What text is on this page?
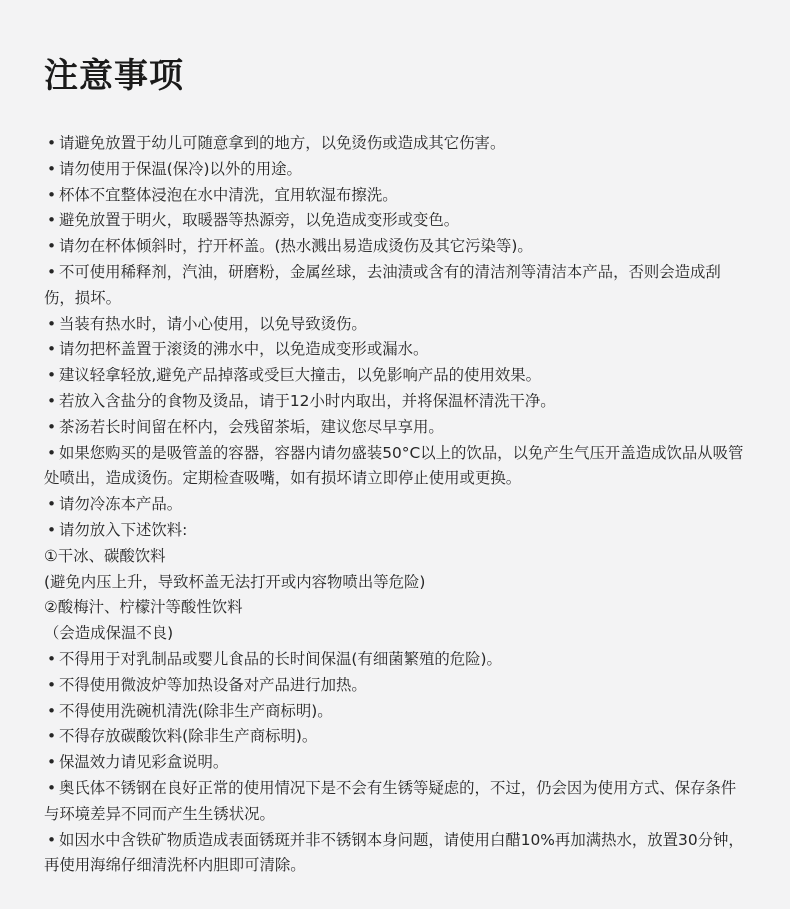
注意事项
• 请避免放置于幼儿可随意拿到的地方，以免烫伤或造成其它伤害。
• 请勿使用于保温(保冷)以外的用途。
• 杯体不宜整体浸泡在水中清洗，宜用软湿布擦洗。
• 避免放置于明火，取暖器等热源旁，以免造成变形或变色。
• 请勿在杯体倾斜时，拧开杯盖。(热水溅出易造成烫伤及其它污染等)。
• 不可使用稀释剂，汽油，研磨粉，金属丝球，去油渍或含有的清洁剂等清洁本产品，否则会造成刮伤，损坏。
• 当装有热水时，请小心使用，以免导致烫伤。
• 请勿把杯盖置于滚烫的沸水中，以免造成变形或漏水。
• 建议轻拿轻放,避免产品掉落或受巨大撞击，以免影响产品的使用效果。
• 若放入含盐分的食物及烫品，请于12小时内取出，并将保温杯清洗干净。
• 茶汤若长时间留在杯内，会残留茶垢，建议您尽早享用。
• 如果您购买的是吸管盖的容器，容器内请勿盛装50°C以上的饮品，以免产生气压开盖造成饮品从吸管处喷出，造成烫伤。定期检查吸嘴，如有损坏请立即停止使用或更换。
• 请勿冷冻本产品。
• 请勿放入下述饮料:
①干冰、碳酸饮料
(避免内压上升，导致杯盖无法打开或内容物喷出等危险)
②酸梅汁、柠檬汁等酸性饮料
（会造成保温不良)
• 不得用于对乳制品或婴儿食品的长时间保温(有细菌繁殖的危险)。
• 不得使用微波炉等加热设备对产品进行加热。
• 不得使用洗碗机清洗(除非生产商标明)。
• 不得存放碳酸饮料(除非生产商标明)。
• 保温效力请见彩盒说明。
• 奥氏体不锈钢在良好正常的使用情况下是不会有生锈等疑虑的，不过，仍会因为使用方式、保存条件与环境差异不同而产生生锈状况。
• 如因水中含铁矿物质造成表面锈斑并非不锈钢本身问题，请使用白醋10%再加满热水，放置30分钟，再使用海绵仔细清洗杯内胆即可清除。
